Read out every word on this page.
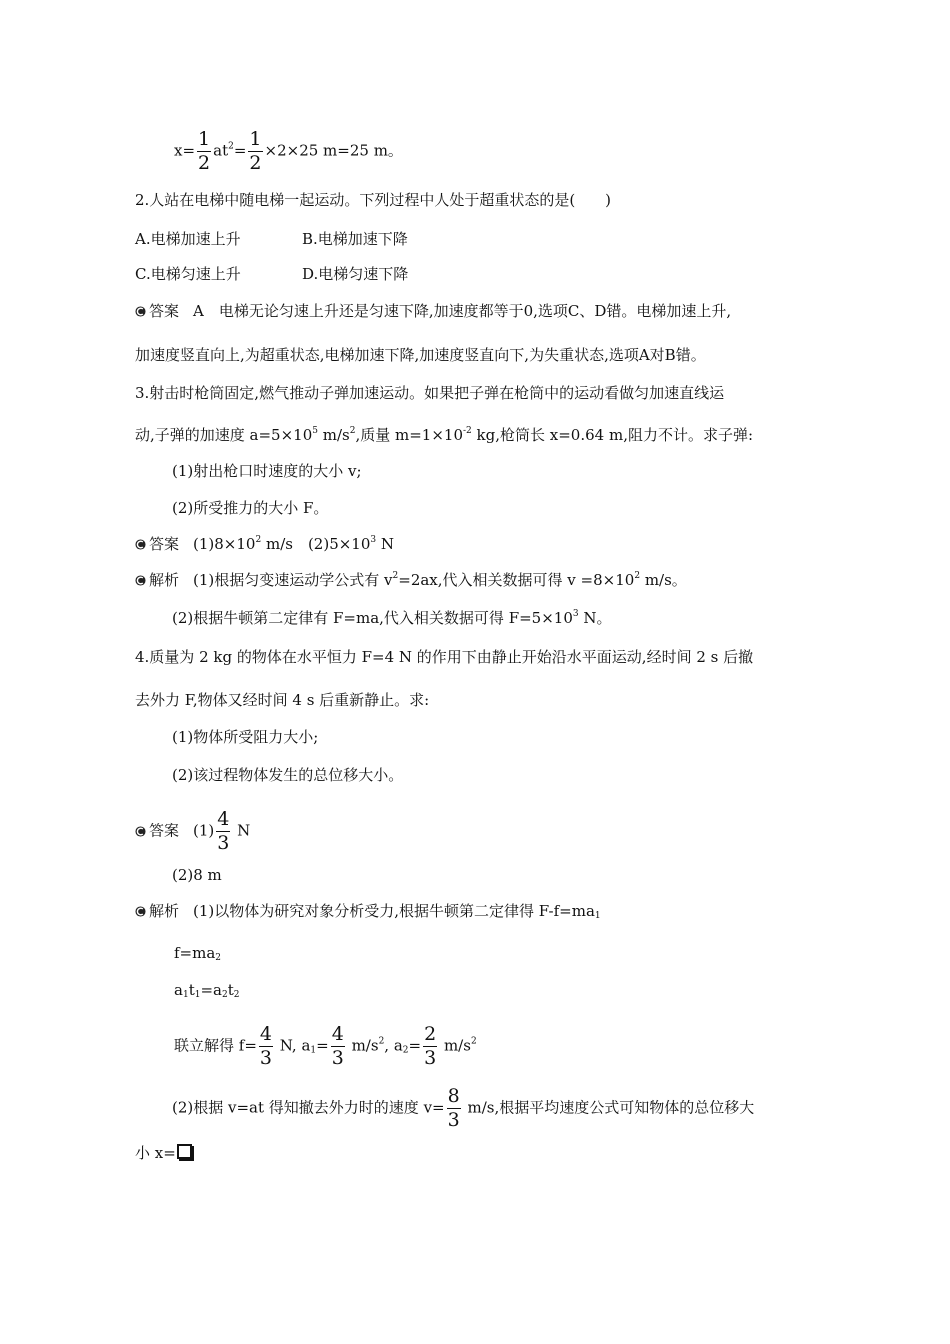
$x= \frac{1}{2} at^2= \frac{1}{2} \times 2\times 25$ m=25 m。
2.人站在电梯中随电梯一起运动。下列过程中人处于超重状态的是(　　)
A.电梯加速上升	B.电梯加速下降
C.电梯匀速上升	D.电梯匀速下降
答案 A　电梯无论匀速上升还是匀速下降,加速度都等于0,选项C、D错。电梯加速上升,
加速度竖直向上,为超重状态,电梯加速下降,加速度竖直向下,为失重状态,选项A对B错。
3.射击时枪筒固定,燃气推动子弹加速运动。如果把子弹在枪筒中的运动看做匀加速直线运
动,子弹的加速度 $a=5\times 10^5$ $m/s^2$,质量 $m=1\times 10^{-2}$ kg,枪筒长 x=0.64 m,阻力不计。求子弹:
(1)射出枪口时速度的大小 v;
(2)所受推力的大小 F。
答案 $(1)8\times 10^2$ m/s　$(2)5\times 10^3$ N
解析 (1)根据匀变速运动学公式有 $v^2=2ax$,代入相关数据可得 $v =8\times 10^2$ m/s。
(2)根据牛顿第二定律有 F=ma,代入相关数据可得 $F=5\times 10^3$ N。
4.质量为 2 kg 的物体在水平恒力 F=4 N 的作用下由静止开始沿水平面运动,经时间 2 s 后撤
去外力 F,物体又经时间 4 s 后重新静止。求:
(1)物体所受阻力大小;
(2)该过程物体发生的总位移大小。
答案 $(1) \frac{4}{3}$ N
(2)8 m
解析 (1)以物体为研究对象分析受力,根据牛顿第二定律得 $F-f=ma_1$
$f=ma_2$
$a_1t_1=a_2t_2$
联立解得 $f= \frac{4}{3} N$, $a_1= \frac{4}{3} m/s^2$, $a_2= \frac{2}{3} m/s^2$
(2)根据 v=at 得知撤去外力时的速度 $v= \frac{8}{3} m/s$,根据平均速度公式可知物体的总位移大
小 x=
